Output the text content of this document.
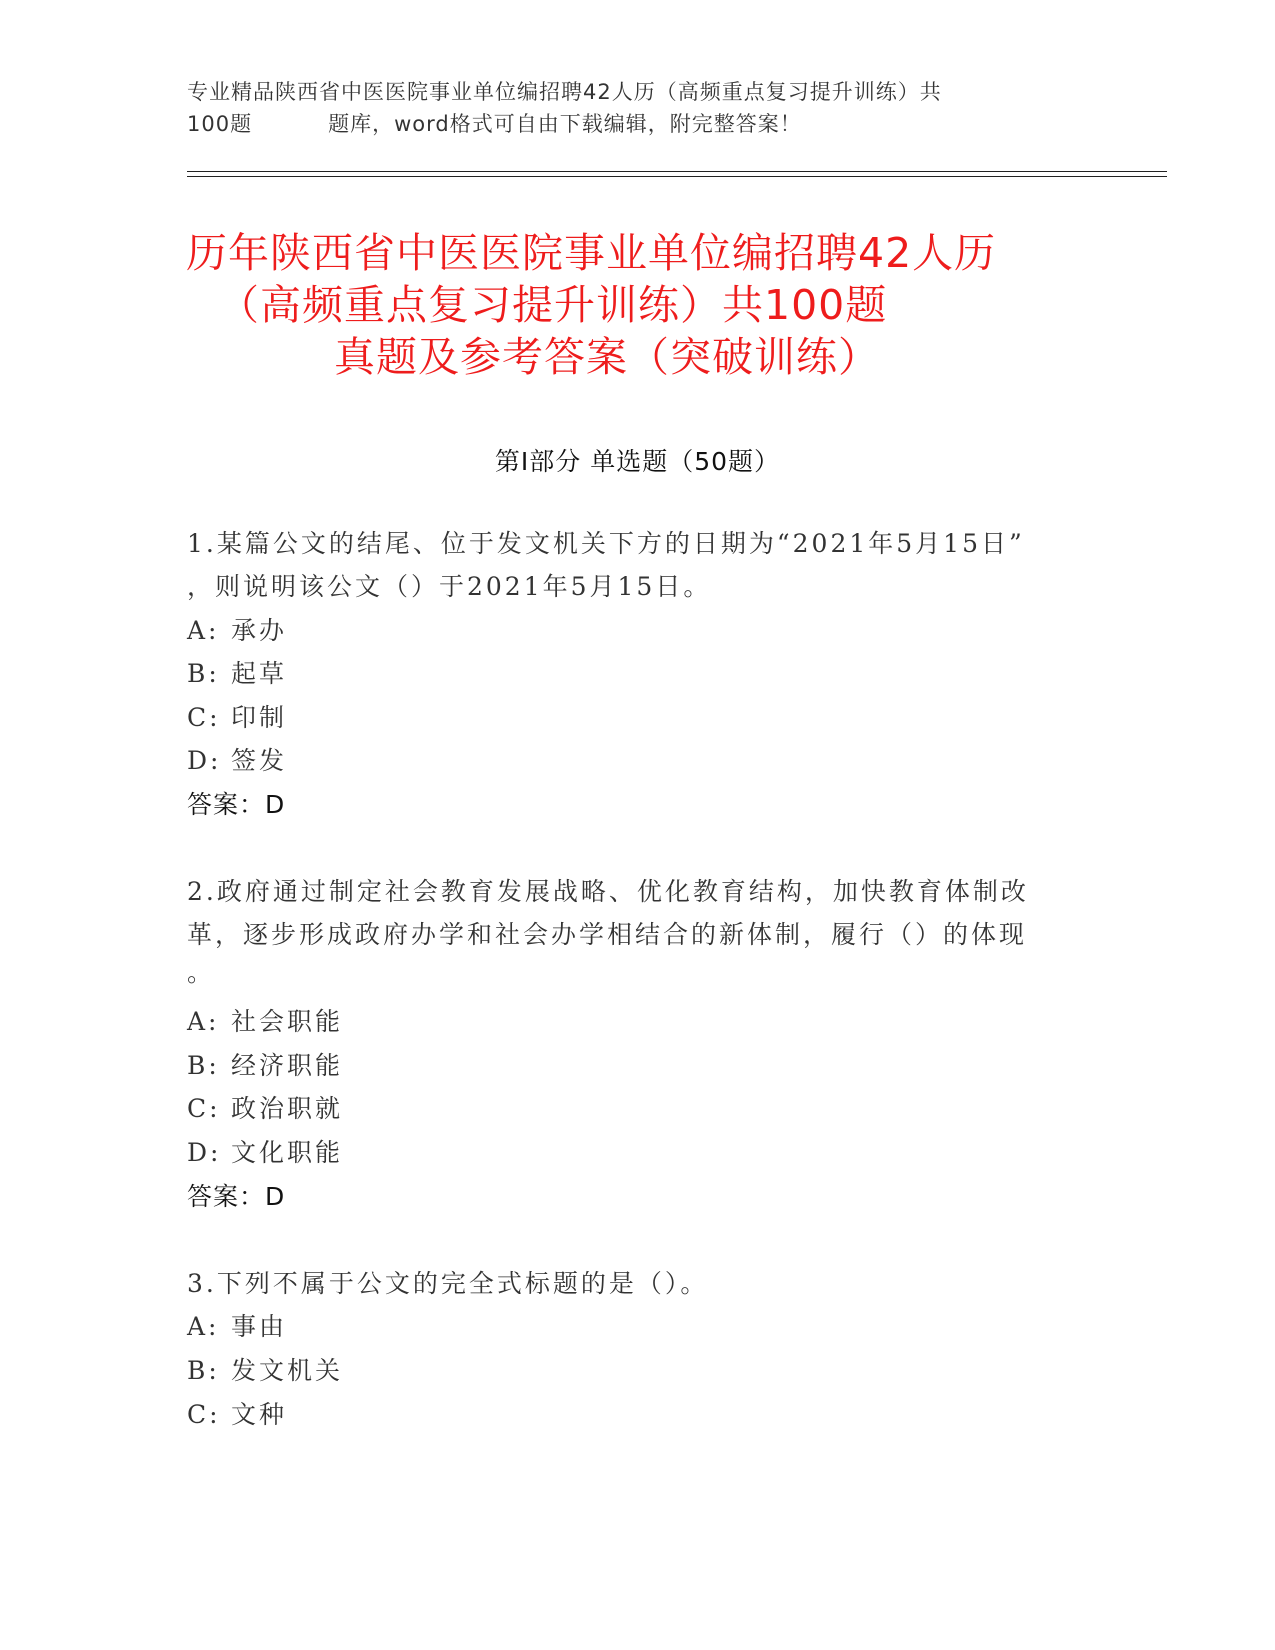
专业精品陕西省中医医院事业单位编招聘42人历（高频重点复习提升训练）共
100题	题库，word格式可自由下载编辑，附完整答案！
历年陕西省中医医院事业单位编招聘42人历
（高频重点复习提升训练）共100题
真题及参考答案（突破训练）
第Ⅰ部分 单选题（50题）
1.某篇公文的结尾、位于发文机关下方的日期为“2021年5月15日”
，则说明该公文（）于2021年5月15日。
A: 承办
B: 起草
C: 印制
D: 签发
答案：D
2.政府通过制定社会教育发展战略、优化教育结构，加快教育体制改
革，逐步形成政府办学和社会办学相结合的新体制，履行（）的体现
。
A: 社会职能
B: 经济职能
C: 政治职就
D: 文化职能
答案：D
3.下列不属于公文的完全式标题的是（）。
A: 事由
B: 发文机关
C: 文种
